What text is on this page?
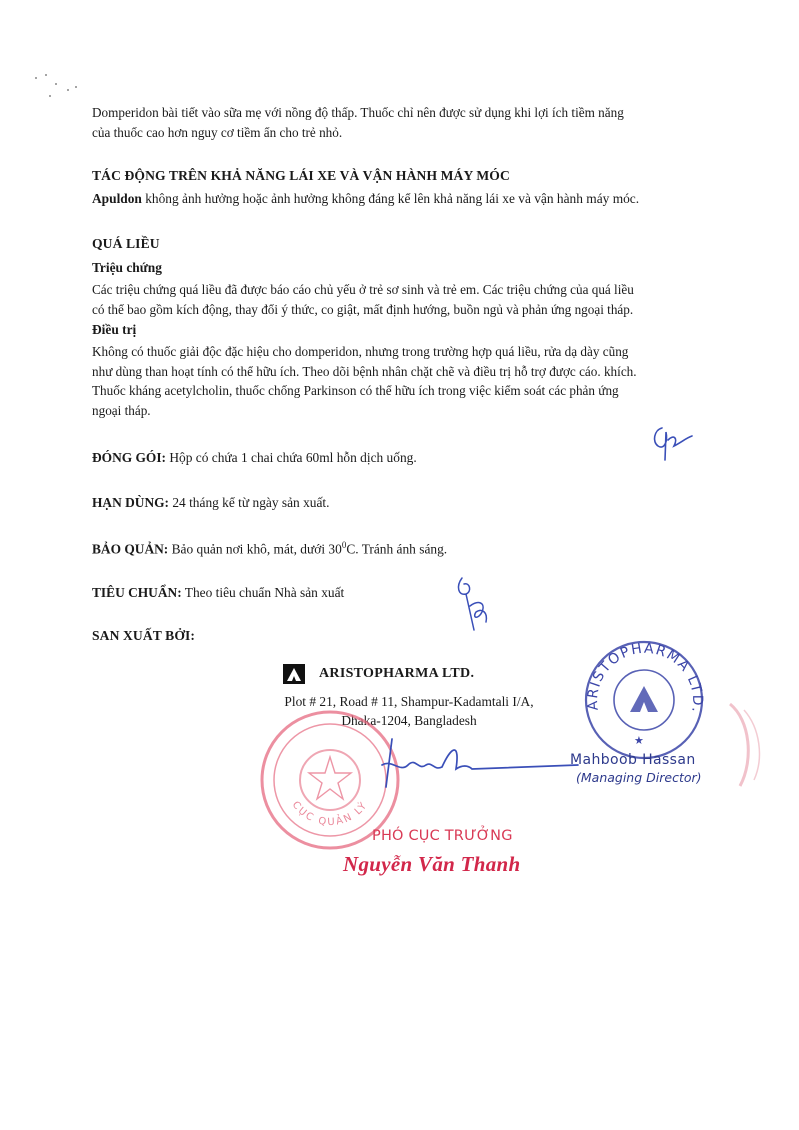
Domperidon bài tiết vào sữa mẹ với nồng độ thấp. Thuốc chỉ nên được sử dụng khi lợi ích tiềm năng
của thuốc cao hơn nguy cơ tiềm ẩn cho trẻ nhỏ.

TÁC ĐỘNG TRÊN KHẢ NĂNG LÁI XE VÀ VẬN HÀNH MÁY MÓC

Apuldon không ảnh hưởng hoặc ảnh hưởng không đáng kể lên khả năng lái xe và vận hành máy móc.

QUÁ LIỀU
Triệu chứng

Các triệu chứng quá liều đã được báo cáo chủ yếu ở trẻ sơ sinh và trẻ em. Các triệu chứng của quá liều
có thể bao gồm kích động, thay đổi ý thức, co giật, mất định hướng, buồn ngủ và phản ứng ngoại tháp.

Điều trị

Không có thuốc giải độc đặc hiệu cho domperidon, nhưng trong trường hợp quá liều, rửa dạ dày cũng
như dùng than hoạt tính có thể hữu ích. Theo dõi bệnh nhân chặt chẽ và điều trị hỗ trợ được cáo. khích.
Thuốc kháng acetylcholin, thuốc chống Parkinson có thể hữu ích trong việc kiểm soát các phản ứng
ngoại tháp.

ĐÓNG GÓI: Hộp có chứa 1 chai chứa 60ml hỗn dịch uống.

HẠN DÙNG: 24 tháng kể từ ngày sản xuất.

BẢO QUẢN: Bảo quản nơi khô, mát, dưới $30^0C$. Tránh ánh sáng.

TIÊU CHUẨN: Theo tiêu chuẩn Nhà sản xuất

SAN XUẤT BỞI:
ARISTOPHARMA LTD.
Plot # 21, Road # 11, Shampur-Kadamtali I/A,
Dhaka-1204, Bangladesh
CỤC QUẢN LÝ
★
ARISTOPHARMA LTD.
Mahboob Hassan
(Managing Director)
PHÓ CỤC TRƯỞNG
Nguyễn Văn Thanh
